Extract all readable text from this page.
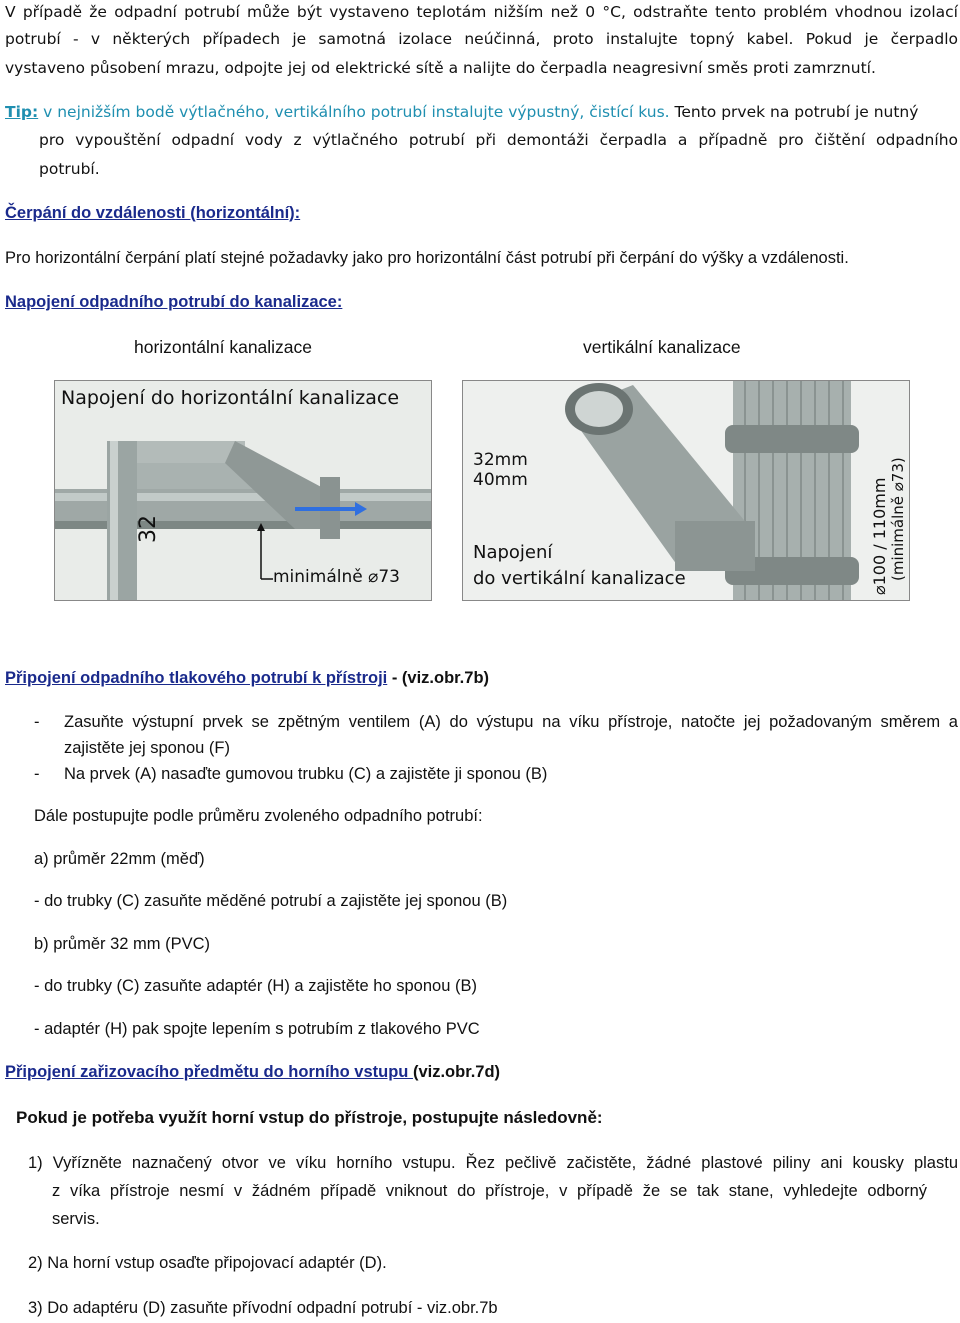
V případě že odpadní potrubí může být vystaveno teplotám nižším než 0 °C, odstraňte tento problém vhodnou izolací
potrubí - v některých případech je samotná izolace neúčinná, proto instalujte topný kabel. Pokud je čerpadlo
vystaveno působení mrazu, odpojte jej od elektrické sítě a nalijte do čerpadla neagresivní směs proti zamrznutí.
Tip: v nejnižším bodě výtlačného, vertikálního potrubí instalujte výpustný, čistící kus. Tento prvek na potrubí je nutný
pro vypouštění odpadní vody z výtlačného potrubí při demontáži čerpadla a případně pro čištění odpadního
potrubí.
Čerpání do vzdálenosti (horizontální):
Pro horizontální čerpání platí stejné požadavky jako pro horizontální část potrubí při čerpání do výšky a vzdálenosti.
Napojení odpadního potrubí do kanalizace:
horizontální kanalizace	vertikální kanalizace
Napojení do horizontální kanalizace
32
minimálně ⌀73
32mm
40mm
Napojení
do vertikální kanalizace	⌀100 / 110mm (minimálně ⌀73)
Připojení odpadního tlakového potrubí k přístroji - (viz.obr.7b)
- Zasuňte výstupní prvek se zpětným ventilem (A) do výstupu na víku přístroje, natočte jej požadovaným směrem a
zajistěte jej sponou (F)
- Na prvek (A) nasaďte gumovou trubku (C) a zajistěte ji sponou (B)
Dále postupujte podle průměru zvoleného odpadního potrubí:
a) průměr 22mm (měď)
- do trubky (C) zasuňte měděné potrubí a zajistěte jej sponou (B)
b) průměr 32 mm (PVC)
- do trubky (C) zasuňte adaptér (H) a zajistěte ho sponou (B)
- adaptér (H) pak spojte lepením s potrubím z tlakového PVC
Připojení zařizovacího předmětu do horního vstupu (viz.obr.7d)
Pokud je potřeba využít horní vstup do přístroje, postupujte následovně:
1) Vyřízněte naznačený otvor ve víku horního vstupu. Řez pečlivě začistěte, žádné plastové piliny ani kousky plastu
z víka přístroje nesmí v žádném případě vniknout do přístroje, v případě že se tak stane, vyhledejte odborný
servis.
2) Na horní vstup osaďte připojovací adaptér (D).
3) Do adaptéru (D) zasuňte přívodní odpadní potrubí - viz.obr.7b
